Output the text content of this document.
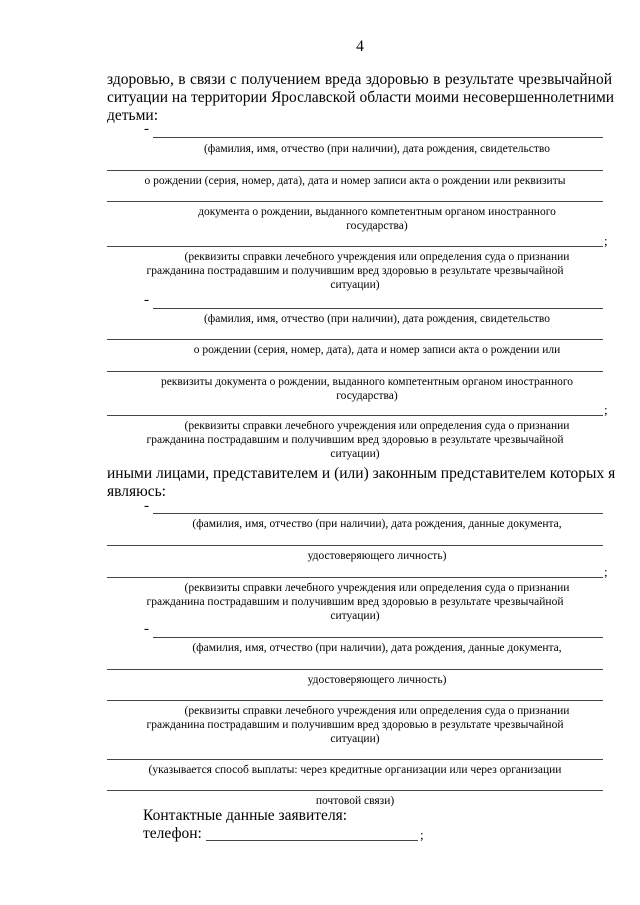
4
здоровью, в связи с получением вреда здоровью в результате чрезвычайной
ситуации на территории Ярославской области моими несовершеннолетними
детьми:
-
(фамилия, имя, отчество (при наличии), дата рождения, свидетельство
о рождении (серия, номер, дата), дата и номер записи акта о рождении или реквизиты
документа о рождении, выданного компетентным органом иностранного
государства)
;
(реквизиты справки лечебного учреждения или определения суда о признании
гражданина пострадавшим и получившим вред здоровью в результате чрезвычайной
ситуации)
-
(фамилия, имя, отчество (при наличии), дата рождения, свидетельство
о рождении (серия, номер, дата), дата и номер записи акта о рождении или
реквизиты документа о рождении, выданного компетентным органом иностранного
государства)
;
(реквизиты справки лечебного учреждения или определения суда о признании
гражданина пострадавшим и получившим вред здоровью в результате чрезвычайной
ситуации)
иными лицами, представителем и (или) законным представителем которых я
являюсь:
-
(фамилия, имя, отчество (при наличии), дата рождения, данные документа,
удостоверяющего личность)
;
(реквизиты справки лечебного учреждения или определения суда о признании
гражданина пострадавшим и получившим вред здоровью в результате чрезвычайной
ситуации)
-
(фамилия, имя, отчество (при наличии), дата рождения, данные документа,
удостоверяющего личность)
(реквизиты справки лечебного учреждения или определения суда о признании
гражданина пострадавшим и получившим вред здоровью в результате чрезвычайной
ситуации)
(указывается способ выплаты: через кредитные организации или через организации
почтовой связи)
Контактные данные заявителя:
телефон:	;
